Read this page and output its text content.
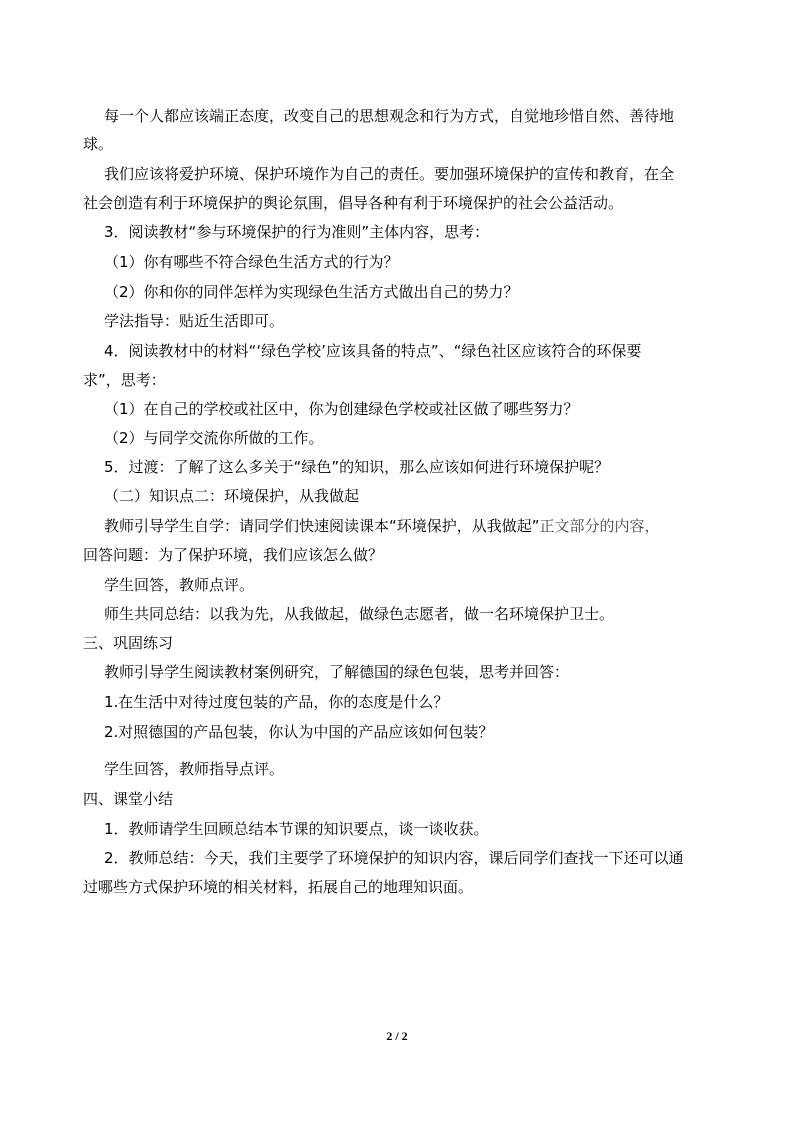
每一个人都应该端正态度，改变自己的思想观念和行为方式，自觉地珍惜自然、善待地
球。
我们应该将爱护环境、保护环境作为自己的责任。要加强环境保护的宣传和教育，在全
社会创造有利于环境保护的舆论氛围，倡导各种有利于环境保护的社会公益活动。
3．阅读教材“参与环境保护的行为准则”主体内容，思考：
（1）你有哪些不符合绿色生活方式的行为？
（2）你和你的同伴怎样为实现绿色生活方式做出自己的势力？
学法指导：贴近生活即可。
4．阅读教材中的材料“‘绿色学校’应该具备的特点”、“绿色社区应该符合的环保要
求”，思考：
（1）在自己的学校或社区中，你为创建绿色学校或社区做了哪些努力？
（2）与同学交流你所做的工作。
5．过渡：了解了这么多关于“绿色”的知识，那么应该如何进行环境保护呢？
（二）知识点二：环境保护，从我做起
教师引导学生自学：请同学们快速阅读课本“环境保护，从我做起”正文部分的内容，
回答问题：为了保护环境，我们应该怎么做？
学生回答，教师点评。
师生共同总结：以我为先，从我做起，做绿色志愿者，做一名环境保护卫士。
三、巩固练习
教师引导学生阅读教材案例研究，了解德国的绿色包装，思考并回答：
1.在生活中对待过度包装的产品，你的态度是什么？
2.对照德国的产品包装，你认为中国的产品应该如何包装？
学生回答，教师指导点评。
四、课堂小结
1．教师请学生回顾总结本节课的知识要点，谈一谈收获。
2．教师总结：今天，我们主要学了环境保护的知识内容，课后同学们查找一下还可以通
过哪些方式保护环境的相关材料，拓展自己的地理知识面。
2 / 2
